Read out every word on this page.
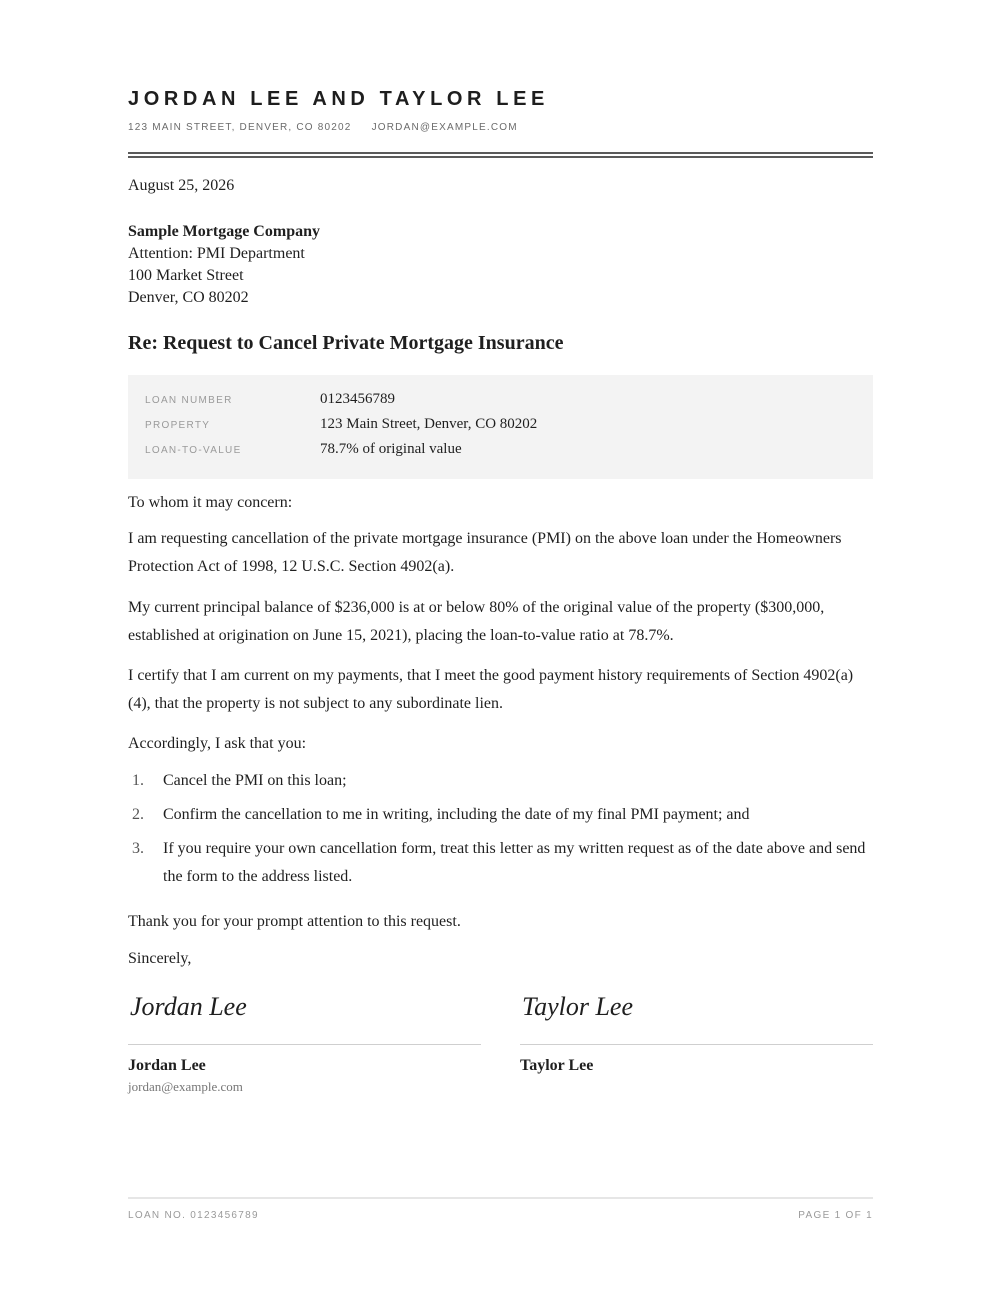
JORDAN LEE AND TAYLOR LEE
123 MAIN STREET, DENVER, CO 80202 JORDAN@EXAMPLE.COM
August 25, 2026
Sample Mortgage Company
Attention: PMI Department
100 Market Street
Denver, CO 80202
Re: Request to Cancel Private Mortgage Insurance
LOAN NUMBER	0123456789
PROPERTY	123 Main Street, Denver, CO 80202
LOAN-TO-VALUE	78.7% of original value
To whom it may concern:

I am requesting cancellation of the private mortgage insurance (PMI) on the above loan under the Homeowners Protection Act of 1998, 12 U.S.C. Section 4902(a).

My current principal balance of $236,000 is at or below 80% of the original value of the property ($300,000, established at origination on June 15, 2021), placing the loan-to-value ratio at 78.7%.

I certify that I am current on my payments, that I meet the good payment history requirements of Section 4902(a)(4), that the property is not subject to any subordinate lien.

Accordingly, I ask that you:
1. Cancel the PMI on this loan;
2. Confirm the cancellation to me in writing, including the date of my final PMI payment; and
3. If you require your own cancellation form, treat this letter as my written request as of the date above and send the form to the address listed.
Thank you for your prompt attention to this request.
Sincerely,
Jordan Lee
Jordan Lee
jordan@example.com
Taylor Lee
Taylor Lee
LOAN NO. 0123456789	PAGE 1 OF 1
